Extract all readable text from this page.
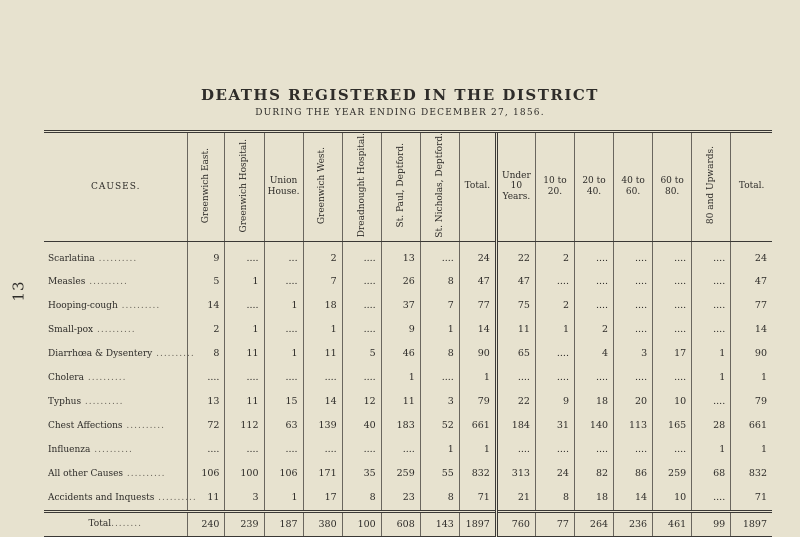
13
DEATHS REGISTERED IN THE DISTRICT
DURING THE YEAR ENDING DECEMBER 27, 1856.
CAUSES.	Greenwich East.	Greenwich Hospital.	Union House.	Greenwich West.	Dreadnought Hospital.	St. Paul, Deptford.	St. Nicholas, Deptford.	Total.	Under 10 Years.	10 to 20.	20 to 40.	40 to 60.	60 to 80.	80 and Upwards.	Total.

Scarlatina ..........	9	....	...	2	....	13	....	24	22	2	....	....	....	....	24
Measles ..........	5	1	....	7	....	26	8	47	47	....	....	....	....	....	47
Hooping-cough ..........	14	....	1	18	....	37	7	77	75	2	....	....	....	....	77
Small-pox ..........	2	1	....	1	....	9	1	14	11	1	2	....	....	....	14
Diarrhœa & Dysentery ..........	8	11	1	11	5	46	8	90	65	....	4	3	17	1	90
Cholera ..........	....	....	....	....	....	1	....	1	....	....	....	....	....	1	1
Typhus ..........	13	11	15	14	12	11	3	79	22	9	18	20	10	....	79
Chest Affections ..........	72	112	63	139	40	183	52	661	184	31	140	113	165	28	661
Influenza ..........	....	....	....	....	....	....	1	1	....	....	....	....	....	1	1
All other Causes ..........	106	100	106	171	35	259	55	832	313	24	82	86	259	68	832
Accidents and Inquests ..........	11	3	1	17	8	23	8	71	21	8	18	14	10	....	71
Total........	240	239	187	380	100	608	143	1897	760	77	264	236	461	99	1897
